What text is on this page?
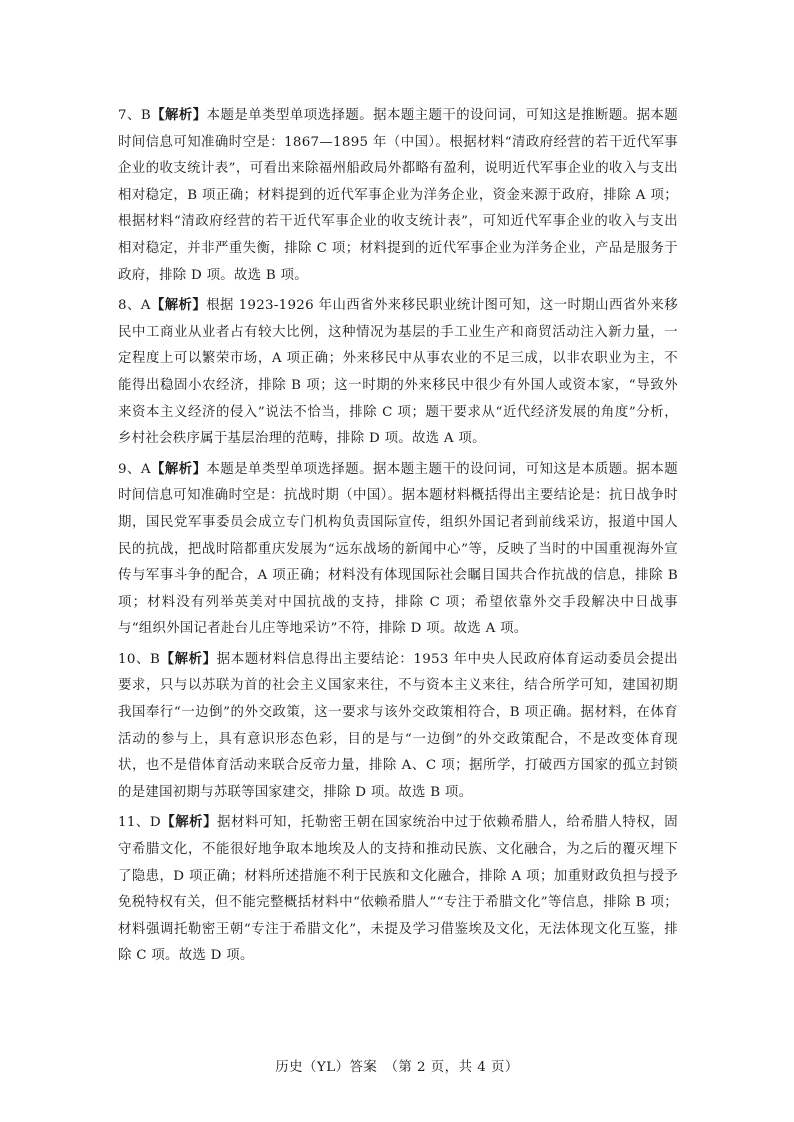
7、B【解析】本题是单类型单项选择题。据本题主题干的设问词，可知这是推断题。据本题时间信息可知准确时空是：1867—1895 年（中国）。根据材料“清政府经营的若干近代军事企业的收支统计表”，可看出来除福州船政局外都略有盈利，说明近代军事企业的收入与支出相对稳定，B 项正确；材料提到的近代军事企业为洋务企业，资金来源于政府，排除 A 项；根据材料“清政府经营的若干近代军事企业的收支统计表”，可知近代军事企业的收入与支出相对稳定，并非严重失衡，排除 C 项；材料提到的近代军事企业为洋务企业，产品是服务于政府，排除 D 项。故选 B 项。

8、A【解析】根据 1923-1926 年山西省外来移民职业统计图可知，这一时期山西省外来移民中工商业从业者占有较大比例，这种情况为基层的手工业生产和商贸活动注入新力量，一定程度上可以繁荣市场，A 项正确；外来移民中从事农业的不足三成，以非农职业为主，不能得出稳固小农经济，排除 B 项；这一时期的外来移民中很少有外国人或资本家，“导致外来资本主义经济的侵入”说法不恰当，排除 C 项；题干要求从“近代经济发展的角度”分析，乡村社会秩序属于基层治理的范畴，排除 D 项。故选 A 项。

9、A【解析】本题是单类型单项选择题。据本题主题干的设问词，可知这是本质题。据本题时间信息可知准确时空是：抗战时期（中国）。据本题材料概括得出主要结论是：抗日战争时期，国民党军事委员会成立专门机构负责国际宣传，组织外国记者到前线采访，报道中国人民的抗战，把战时陪都重庆发展为“远东战场的新闻中心”等，反映了当时的中国重视海外宣传与军事斗争的配合，A 项正确；材料没有体现国际社会瞩目国共合作抗战的信息，排除 B 项；材料没有列举英美对中国抗战的支持，排除 C 项；希望依靠外交手段解决中日战事与“组织外国记者赴台儿庄等地采访”不符，排除 D 项。故选 A 项。

10、B【解析】据本题材料信息得出主要结论：1953 年中央人民政府体育运动委员会提出要求，只与以苏联为首的社会主义国家来往，不与资本主义来往，结合所学可知，建国初期我国奉行“一边倒”的外交政策，这一要求与该外交政策相符合，B 项正确。据材料，在体育活动的参与上，具有意识形态色彩，目的是与“一边倒”的外交政策配合，不是改变体育现状，也不是借体育活动来联合反帝力量，排除 A、C 项；据所学，打破西方国家的孤立封锁的是建国初期与苏联等国家建交，排除 D 项。故选 B 项。

11、D【解析】据材料可知，托勒密王朝在国家统治中过于依赖希腊人，给希腊人特权，固守希腊文化，不能很好地争取本地埃及人的支持和推动民族、文化融合，为之后的覆灭埋下了隐患，D 项正确；材料所述措施不利于民族和文化融合，排除 A 项；加重财政负担与授予免税特权有关，但不能完整概括材料中“依赖希腊人”“专注于希腊文化”等信息，排除 B 项；材料强调托勒密王朝“专注于希腊文化”，未提及学习借鉴埃及文化，无法体现文化互鉴，排除 C 项。故选 D 项。

历史（YL）答案　（第 2 页，共 4 页）
